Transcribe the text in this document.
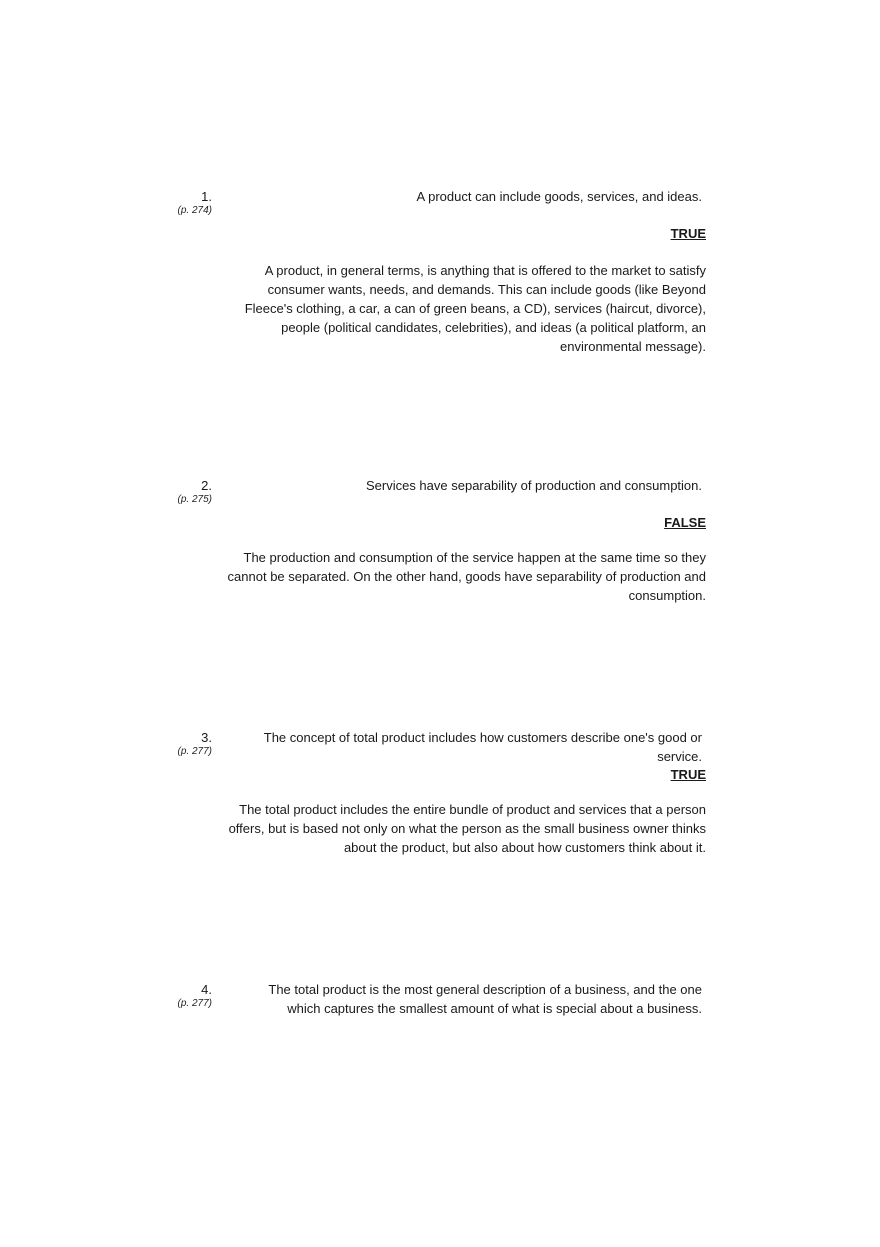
1.
(p. 274)
A product can include goods, services, and ideas.
TRUE
A product, in general terms, is anything that is offered to the market to satisfy consumer wants, needs, and demands. This can include goods (like Beyond Fleece's clothing, a car, a can of green beans, a CD), services (haircut, divorce), people (political candidates, celebrities), and ideas (a political platform, an environmental message).
2.
(p. 275)
Services have separability of production and consumption.
FALSE
The production and consumption of the service happen at the same time so they cannot be separated. On the other hand, goods have separability of production and consumption.
3.
(p. 277)
The concept of total product includes how customers describe one's good or service.
TRUE
The total product includes the entire bundle of product and services that a person offers, but is based not only on what the person as the small business owner thinks about the product, but also about how customers think about it.
4.
(p. 277)
The total product is the most general description of a business, and the one which captures the smallest amount of what is special about a business.
